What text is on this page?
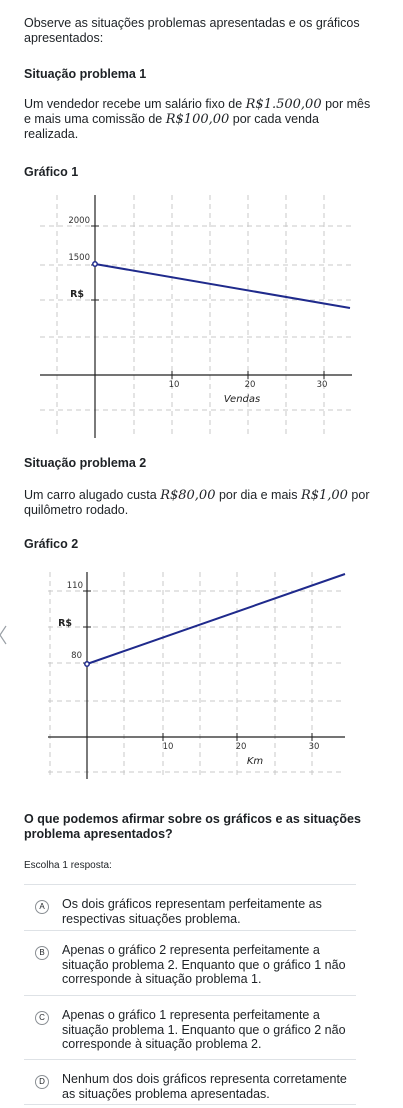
Observe as situações problemas apresentadas e os gráficos apresentados:
Situação problema 1
Um vendedor recebe um salário fixo de R$1.500,00 por mês e mais uma comissão de R$100,00 por cada venda realizada.
Gráfico 1
2000
1500
R$
10	20	30
Vendas
Situação problema 2
Um carro alugado custa R$80,00 por dia e mais R$1,00 por quilômetro rodado.
Gráfico 2
110
R$
80
10	20	30
Km
O que podemos afirmar sobre os gráficos e as situações problema apresentados?
Escolha 1 resposta:
A	Os dois gráficos representam perfeitamente as respectivas situações problema.
B	Apenas o gráfico 2 representa perfeitamente a situação problema 2. Enquanto que o gráfico 1 não corresponde à situação problema 1.
C	Apenas o gráfico 1 representa perfeitamente a situação problema 1. Enquanto que o gráfico 2 não corresponde à situação problema 2.
D	Nenhum dos dois gráficos representa corretamente as situações problema apresentadas.
